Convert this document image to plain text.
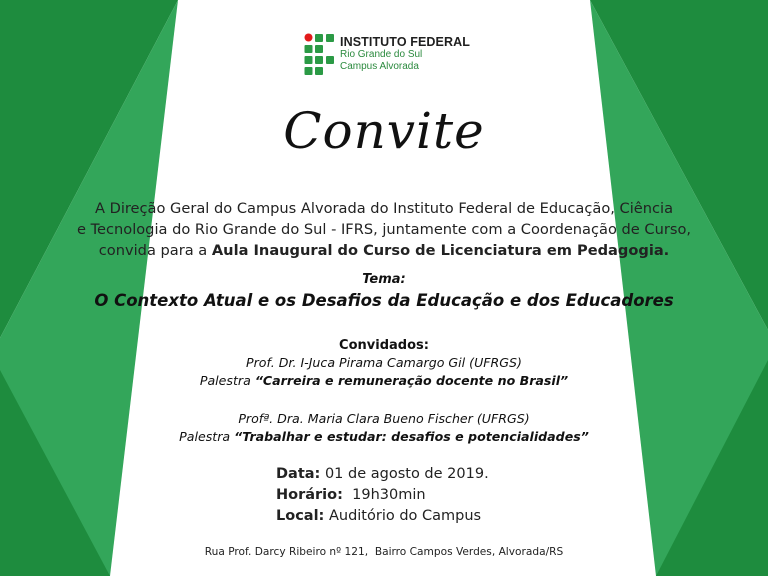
INSTITUTO FEDERAL
Rio Grande do Sul
Campus Alvorada
Convite
A Direção Geral do Campus Alvorada do Instituto Federal de Educação, Ciência
e Tecnologia do Rio Grande do Sul - IFRS, juntamente com a Coordenação de Curso,
convida para a Aula Inaugural do Curso de Licenciatura em Pedagogia.
Tema:
O Contexto Atual e os Desafios da Educação e dos Educadores
Convidados:
Prof. Dr. I-Juca Pirama Camargo Gil (UFRGS)
Palestra “Carreira e remuneração docente no Brasil”
Profª. Dra. Maria Clara Bueno Fischer (UFRGS)
Palestra “Trabalhar e estudar: desafios e potencialidades”
Data: 01 de agosto de 2019.
Horário:  19h30min
Local: Auditório do Campus
Rua Prof. Darcy Ribeiro nº 121,  Bairro Campos Verdes, Alvorada/RS
